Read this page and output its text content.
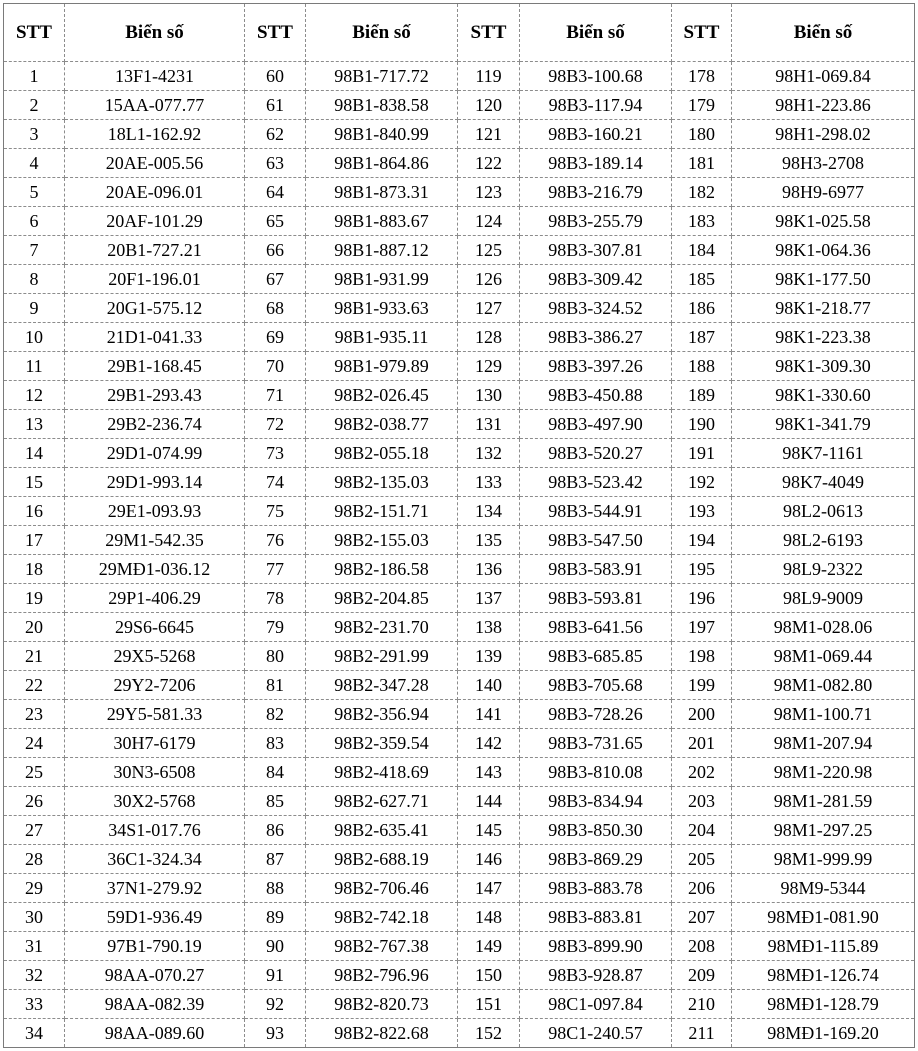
STT	Biển số	STT	Biển số	STT	Biển số	STT	Biển số
1	13F1-4231	60	98B1-717.72	119	98B3-100.68	178	98H1-069.84
2	15AA-077.77	61	98B1-838.58	120	98B3-117.94	179	98H1-223.86
3	18L1-162.92	62	98B1-840.99	121	98B3-160.21	180	98H1-298.02
4	20AE-005.56	63	98B1-864.86	122	98B3-189.14	181	98H3-2708
5	20AE-096.01	64	98B1-873.31	123	98B3-216.79	182	98H9-6977
6	20AF-101.29	65	98B1-883.67	124	98B3-255.79	183	98K1-025.58
7	20B1-727.21	66	98B1-887.12	125	98B3-307.81	184	98K1-064.36
8	20F1-196.01	67	98B1-931.99	126	98B3-309.42	185	98K1-177.50
9	20G1-575.12	68	98B1-933.63	127	98B3-324.52	186	98K1-218.77
10	21D1-041.33	69	98B1-935.11	128	98B3-386.27	187	98K1-223.38
11	29B1-168.45	70	98B1-979.89	129	98B3-397.26	188	98K1-309.30
12	29B1-293.43	71	98B2-026.45	130	98B3-450.88	189	98K1-330.60
13	29B2-236.74	72	98B2-038.77	131	98B3-497.90	190	98K1-341.79
14	29D1-074.99	73	98B2-055.18	132	98B3-520.27	191	98K7-1161
15	29D1-993.14	74	98B2-135.03	133	98B3-523.42	192	98K7-4049
16	29E1-093.93	75	98B2-151.71	134	98B3-544.91	193	98L2-0613
17	29M1-542.35	76	98B2-155.03	135	98B3-547.50	194	98L2-6193
18	29MĐ1-036.12	77	98B2-186.58	136	98B3-583.91	195	98L9-2322
19	29P1-406.29	78	98B2-204.85	137	98B3-593.81	196	98L9-9009
20	29S6-6645	79	98B2-231.70	138	98B3-641.56	197	98M1-028.06
21	29X5-5268	80	98B2-291.99	139	98B3-685.85	198	98M1-069.44
22	29Y2-7206	81	98B2-347.28	140	98B3-705.68	199	98M1-082.80
23	29Y5-581.33	82	98B2-356.94	141	98B3-728.26	200	98M1-100.71
24	30H7-6179	83	98B2-359.54	142	98B3-731.65	201	98M1-207.94
25	30N3-6508	84	98B2-418.69	143	98B3-810.08	202	98M1-220.98
26	30X2-5768	85	98B2-627.71	144	98B3-834.94	203	98M1-281.59
27	34S1-017.76	86	98B2-635.41	145	98B3-850.30	204	98M1-297.25
28	36C1-324.34	87	98B2-688.19	146	98B3-869.29	205	98M1-999.99
29	37N1-279.92	88	98B2-706.46	147	98B3-883.78	206	98M9-5344
30	59D1-936.49	89	98B2-742.18	148	98B3-883.81	207	98MĐ1-081.90
31	97B1-790.19	90	98B2-767.38	149	98B3-899.90	208	98MĐ1-115.89
32	98AA-070.27	91	98B2-796.96	150	98B3-928.87	209	98MĐ1-126.74
33	98AA-082.39	92	98B2-820.73	151	98C1-097.84	210	98MĐ1-128.79
34	98AA-089.60	93	98B2-822.68	152	98C1-240.57	211	98MĐ1-169.20
